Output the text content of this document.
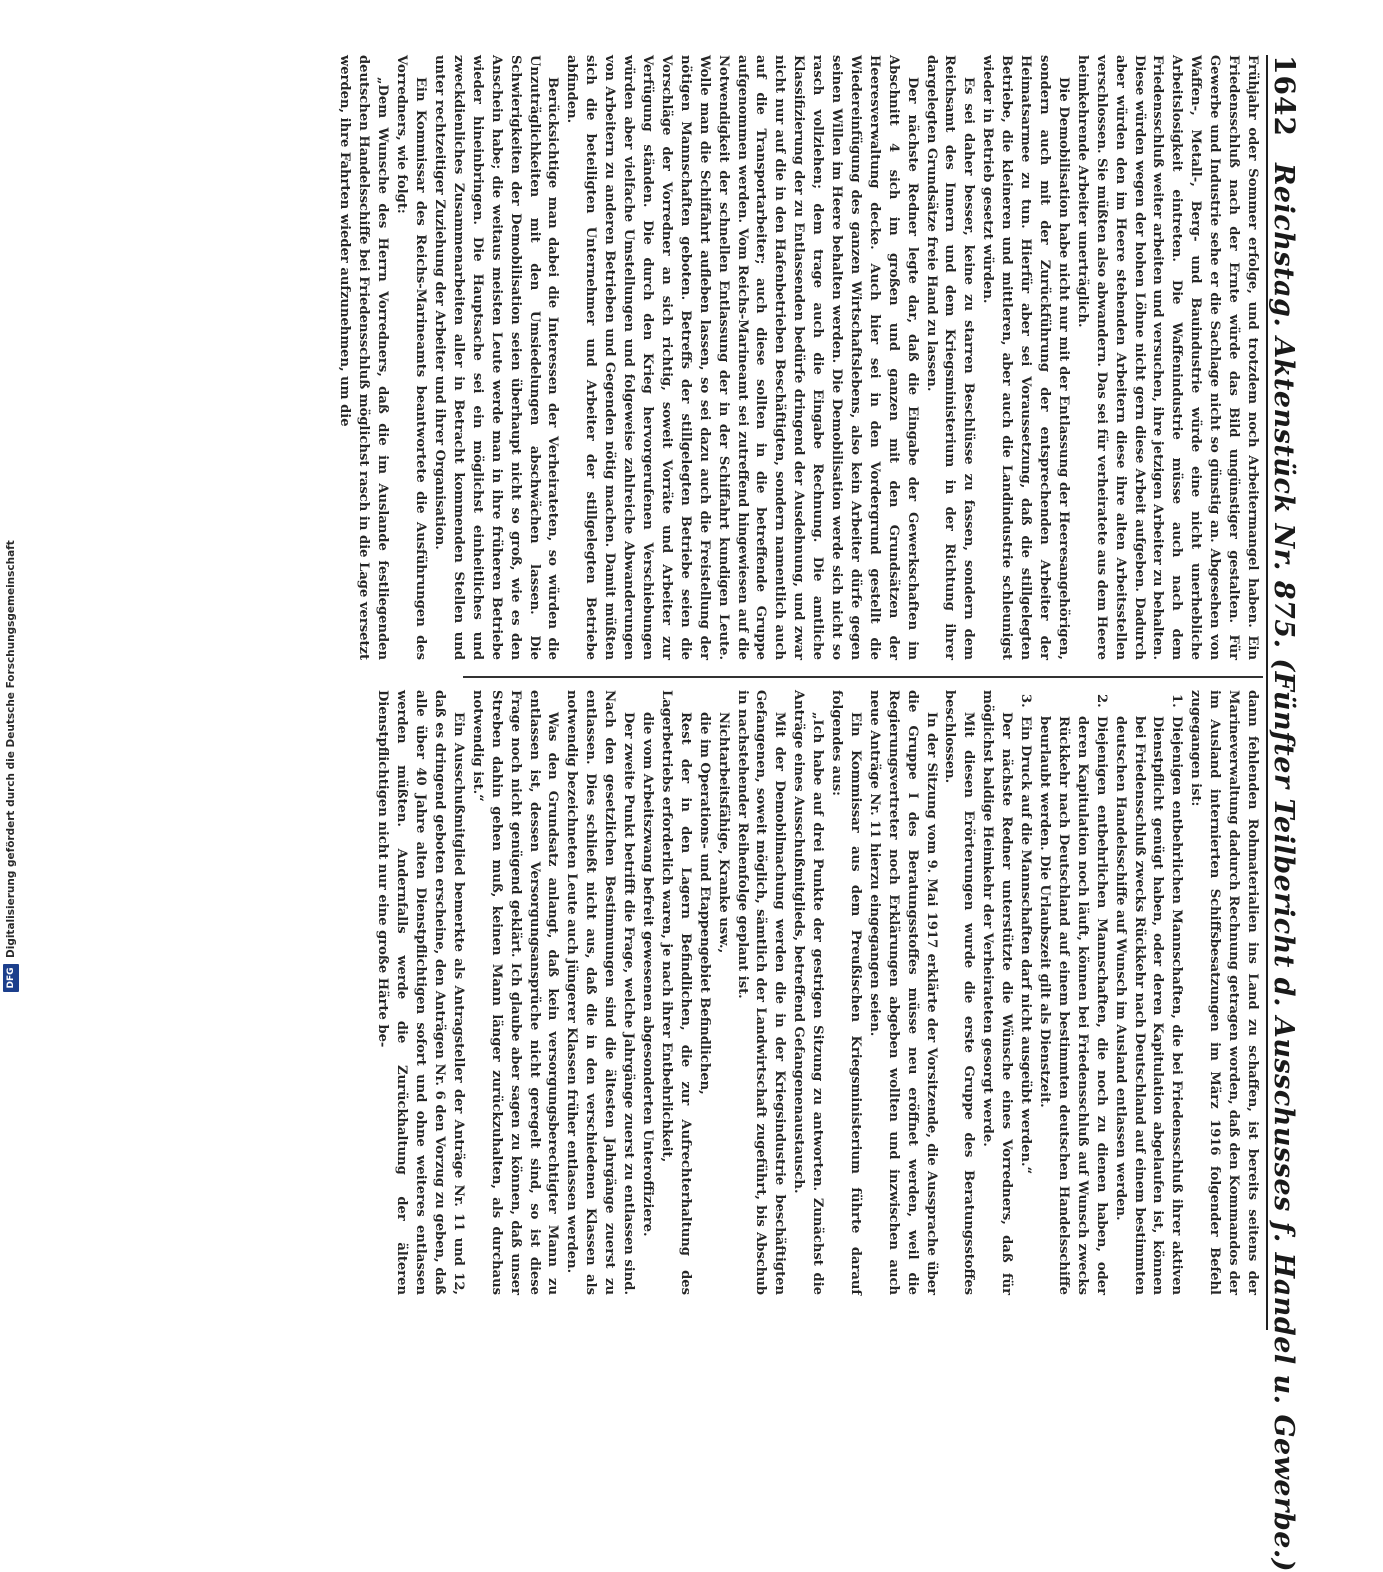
1642
Reichstag. Aktenstück Nr. 875. (Fünfter Teilbericht d. Ausschusses f. Handel u. Gewerbe.)

Frühjahr oder Sommer erfolge, und trotzdem noch Arbeitermangel haben. Ein Friedensschluß nach der Ernte würde das Bild ungünstiger gestalten. Für Gewerbe und Industrie sehe er die Sachlage nicht so günstig an. Abgesehen von Waffen-, Metall-, Berg- und Bauindustrie würde eine nicht unerhebliche Arbeitslosigkeit eintreten. Die Waffenindustrie müsse auch nach dem Friedensschluß weiter arbeiten und versuchen, ihre jetzigen Arbeiter zu behalten. Diese würden wegen der hohen Löhne nicht gern diese Arbeit aufgeben. Dadurch aber würden den im Heere stehenden Arbeitern diese ihre alten Arbeitsstellen verschlossen. Sie müßten also abwandern. Das sei für verheiratete aus dem Heere heimkehrende Arbeiter unerträglich.

Die Demobilisation habe nicht nur mit der Entlassung der Heeresangehörigen, sondern auch mit der Zurückführung der entsprechenden Arbeiter der Heimatsarmee zu tun. Hierfür aber sei Voraussetzung, daß die stillgelegten Betriebe, die kleineren und mittleren, aber auch die Landindustrie schleunigst wieder in Betrieb gesetzt würden.

Es sei daher besser, keine zu starren Beschlüsse zu fassen, sondern dem Reichsamt des Innern und dem Kriegsministerium in der Richtung ihrer dargelegten Grundsätze freie Hand zu lassen.

Der nächste Redner legte dar, daß die Eingabe der Gewerkschaften im Abschnitt 4 sich im großen und ganzen mit den Grundsätzen der Heeresverwaltung decke. Auch hier sei in den Vordergrund gestellt die Wiedereinfügung des ganzen Wirtschaftslebens, also kein Arbeiter dürfe gegen seinen Willen im Heere behalten werden. Die Demobilisation werde sich nicht so rasch vollziehen; dem trage auch die Eingabe Rechnung. Die amtliche Klassifizierung der zu Entlassenden bedürfe dringend der Ausdehnung, und zwar nicht nur auf die in den Hafenbetrieben Beschäftigten, sondern namentlich auch auf die Transportarbeiter; auch diese sollten in die betreffende Gruppe aufgenommen werden. Vom Reichs-Marineamt sei zutreffend hingewiesen auf die Notwendigkeit der schnellen Entlassung der in der Schiffahrt kundigen Leute. Wolle man die Schiffahrt aufleben lassen, so sei dazu auch die Freistellung der nötigen Mannschaften geboten. Betreffs der stillgelegten Betriebe seien die Vorschläge der Vorredner an sich richtig, soweit Vorräte und Arbeiter zur Verfügung ständen. Die durch den Krieg hervorgerufenen Verschiebungen würden aber vielfache Umstellungen und folgeweise zahlreiche Abwanderungen von Arbeitern zu anderen Betrieben und Gegenden nötig machen. Damit müßten sich die beteiligten Unternehmer und Arbeiter der stillgelegten Betriebe abfinden.

Berücksichtige man dabei die Interessen der Verheirateten, so würden die Unzuträglichkeiten mit den Umsiedelungen abschwächen lassen. Die Schwierigkeiten der Demobilisation seien überhaupt nicht so groß, wie es den Anschein habe; die weitaus meisten Leute werde man in ihre früheren Betriebe wieder hineinbringen. Die Hauptsache sei ein möglichst einheitliches und zweckdienliches Zusammenarbeiten aller in Betracht kommenden Stellen und unter rechtzeitiger Zuziehung der Arbeiter und ihrer Organisation.

Ein Kommissar des Reichs-Marineamts beantwortete die Ausführungen des Vorredners, wie folgt:

„Dem Wunsche des Herrn Vorredners, daß die im Auslande festliegenden deutschen Handelsschiffe bei Friedensschluß möglichst rasch in die Lage versetzt werden, ihre Fahrten wieder aufzunehmen, um die

dann fehlenden Rohmaterialien ins Land zu schaffen, ist bereits seitens der Marineverwaltung dadurch Rechnung getragen worden, daß den Kommandos der im Ausland internierten Schiffsbesatzungen im März 1916 folgender Befehl zugegangen ist:

1.
Diejenigen entbehrlichen Mannschaften, die bei Friedensschluß ihrer aktiven Dienstpflicht genügt haben, oder deren Kapitulation abgelaufen ist, können bei Friedensschluß zwecks Rückkehr nach Deutschland auf einem bestimmten deutschen Handelsschiffe auf Wunsch im Ausland entlassen werden.

2.
Diejenigen entbehrlichen Mannschaften, die noch zu dienen haben, oder deren Kapitulation noch läuft, können bei Friedensschluß auf Wunsch zwecks Rückkehr nach Deutschland auf einem bestimmten deutschen Handelsschiffe beurlaubt werden. Die Urlaubszeit gilt als Dienstzeit.

3.
Ein Druck auf die Mannschaften darf nicht ausgeübt werden.“

Der nächste Redner unterstützte die Wünsche eines Vorredners, daß für möglichst baldige Heimkehr der Verheirateten gesorgt werde.

Mit diesen Erörterungen wurde die erste Gruppe des Beratungsstoffes beschlossen.

In der Sitzung vom 9. Mai 1917 erklärte der Vorsitzende, die Aussprache über die Gruppe I des Beratungsstoffes müsse neu eröffnet werden, weil die Regierungsvertreter noch Erklärungen abgeben wollten und inzwischen auch neue Anträge Nr. 11 hierzu eingegangen seien.

Ein Kommissar aus dem Preußischen Kriegsministerium führte darauf folgendes aus:

„Ich habe auf drei Punkte der gestrigen Sitzung zu antworten. Zunächst die Anträge eines Ausschußmitglieds, betreffend Gefangenenaustausch.

Mit der Demobilmachung werden die in der Kriegsindustrie beschäftigten Gefangenen, soweit möglich, sämtlich der Landwirtschaft zugeführt, bis Abschub in nachstehender Reihenfolge geplant ist.

Nichtarbeitsfähige, Kranke usw.,

die im Operations- und Etappengebiet Befindlichen,

Rest der in den Lagern Befindlichen, die zur Aufrechterhaltung des Lagerbetriebs erforderlich waren, je nach ihrer Entbehrlichkeit,

die vom Arbeitszwang befreit gewesenen abgesonderten Unteroffiziere.

Der zweite Punkt betrifft die Frage, welche Jahrgänge zuerst zu entlassen sind. Nach den gesetzlichen Bestimmungen sind die ältesten Jahrgänge zuerst zu entlassen. Dies schließt nicht aus, daß die in den verschiedenen Klassen als notwendig bezeichneten Leute auch jüngerer Klassen früher entlassen werden.

Was den Grundsatz anlangt, daß kein versorgungsberechtigter Mann zu entlassen ist, dessen Versorgungsansprüche nicht geregelt sind, so ist diese Frage noch nicht genügend geklärt. Ich glaube aber sagen zu können, daß unser Streben dahin gehen muß, keinen Mann länger zurückzuhalten, als durchaus notwendig ist.“

Ein Ausschußmitglied bemerkte als Antragsteller der Anträge Nr. 11 und 12, daß es dringend geboten erscheine, den Anträgen Nr. 6 den Vorzug zu geben, daß alle über 40 Jahre alten Dienstpflichtigen sofort und ohne weiteres entlassen werden müßten. Andernfalls werde die Zurückhaltung der älteren Dienstpflichtigen nicht nur eine große Härte be-

DFG
Digitalisierung gefördert durch die Deutsche Forschungsgemeinschaft
